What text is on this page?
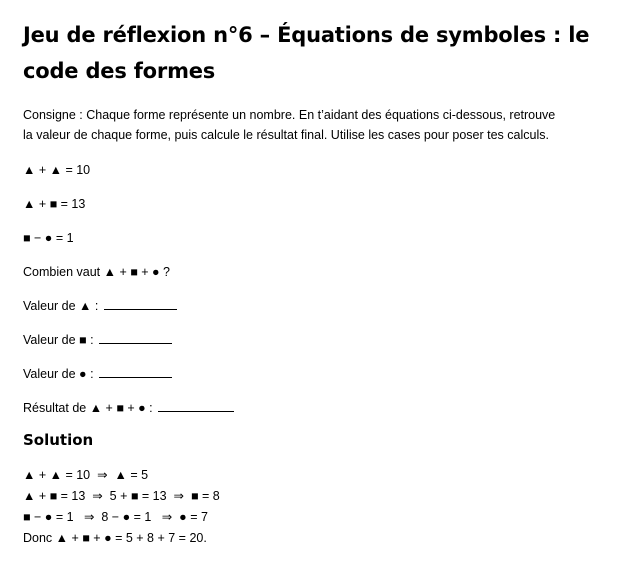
Jeu de réflexion n°6 – Équations de symboles : le
code des formes

Consigne : Chaque forme représente un nombre. En t’aidant des équations ci-dessous, retrouve
la valeur de chaque forme, puis calcule le résultat final. Utilise les cases pour poser tes calculs.

▲ + ▲ = 10

▲ + ■ = 13

■ − ● = 1

Combien vaut ▲ + ■ + ● ?

Valeur de ▲ :

Valeur de ■ :

Valeur de ● :

Résultat de ▲ + ■ + ● :

Solution

▲ + ▲ = 10  ⇒  ▲ = 5

▲ + ■ = 13  ⇒  5 + ■ = 13  ⇒  ■ = 8

■ − ● = 1   ⇒  8 − ● = 1   ⇒  ● = 7

Donc ▲ + ■ + ● = 5 + 8 + 7 = 20.
